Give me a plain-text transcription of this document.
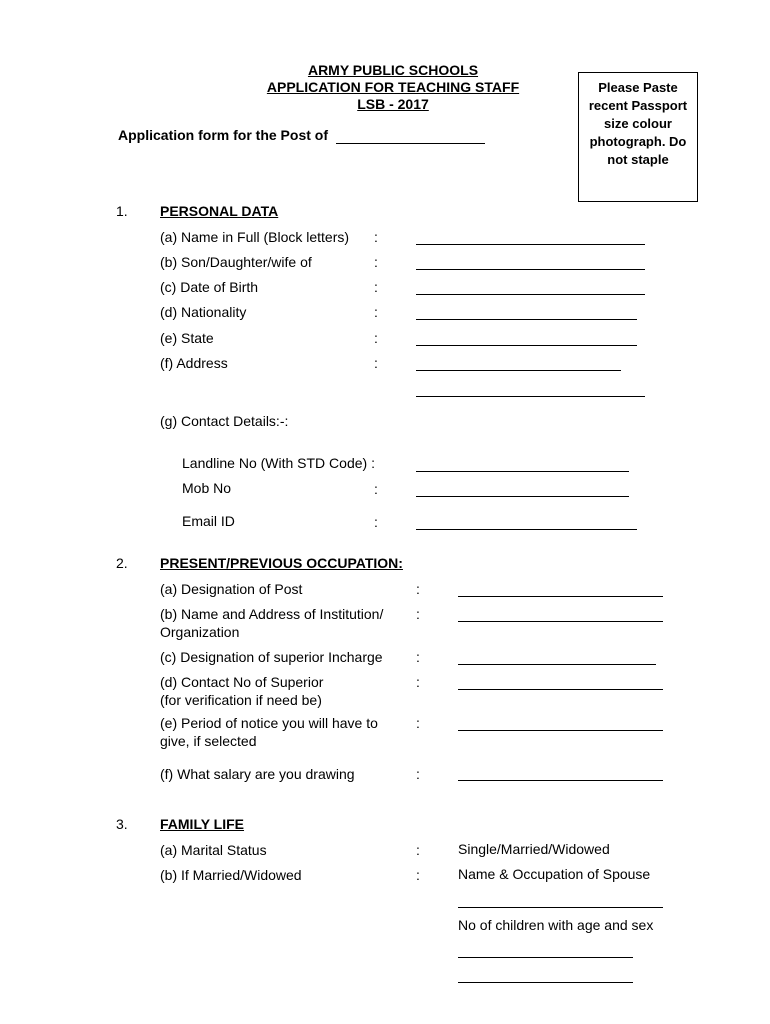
ARMY PUBLIC SCHOOLS
APPLICATION FOR TEACHING STAFF
LSB - 2017
Please Paste recent Passport size colour photograph. Do not staple
Application form for the Post of
1. PERSONAL DATA
(a) Name in Full (Block letters) :
(b) Son/Daughter/wife of	:
(c) Date of Birth	:
(d) Nationality	:
(e) State	:
(f) Address	:
(g) Contact Details:-:
Landline No (With STD Code) :
Mob No	:
Email ID	:
2. PRESENT/PREVIOUS OCCUPATION:
(a) Designation of Post	:
(b) Name and Address of Institution/ Organization
:
(c) Designation of superior Incharge :
(d) Contact No of Superior
(for verification if need be)
:
(e) Period of notice you will have to give, if selected
:
(f) What salary are you drawing	:
3. FAMILY LIFE
(a) Marital Status	:	Single/Married/Widowed
(b) If Married/Widowed	:	Name & Occupation of Spouse
No of children with age and sex
